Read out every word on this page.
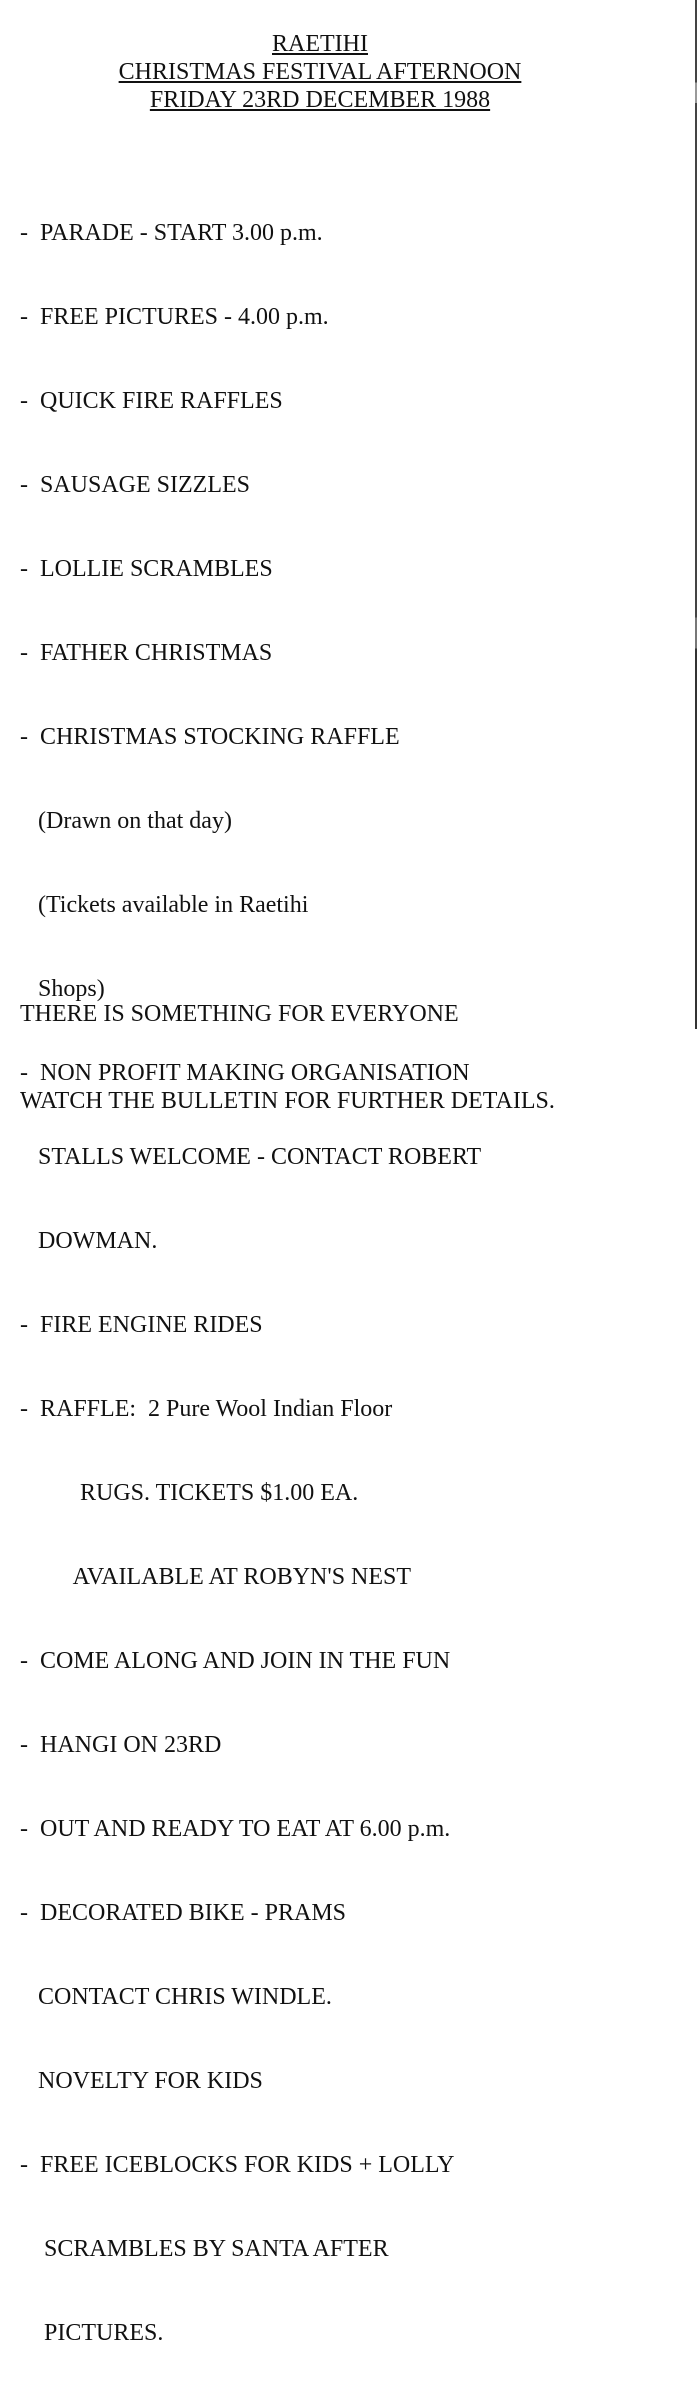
RAETIHI
CHRISTMAS FESTIVAL AFTERNOON
FRIDAY 23RD DECEMBER 1988

-  PARADE - START 3.00 p.m.

-  FREE PICTURES - 4.00 p.m.

-  QUICK FIRE RAFFLES

-  SAUSAGE SIZZLES

-  LOLLIE SCRAMBLES

-  FATHER CHRISTMAS

-  CHRISTMAS STOCKING RAFFLE

(Drawn on that day)

(Tickets available in Raetihi

Shops)

-  NON PROFIT MAKING ORGANISATION

STALLS WELCOME - CONTACT ROBERT

DOWMAN.

-  FIRE ENGINE RIDES

-  RAFFLE:  2 Pure Wool Indian Floor

RUGS. TICKETS $1.00 EA.

AVAILABLE AT ROBYN'S NEST

-  COME ALONG AND JOIN IN THE FUN

-  HANGI ON 23RD

-  OUT AND READY TO EAT AT 6.00 p.m.

-  DECORATED BIKE - PRAMS

CONTACT CHRIS WINDLE.

NOVELTY FOR KIDS

-  FREE ICEBLOCKS FOR KIDS + LOLLY

SCRAMBLES BY SANTA AFTER

PICTURES.

THERE IS SOMETHING FOR EVERYONE

WATCH THE BULLETIN FOR FURTHER DETAILS.
